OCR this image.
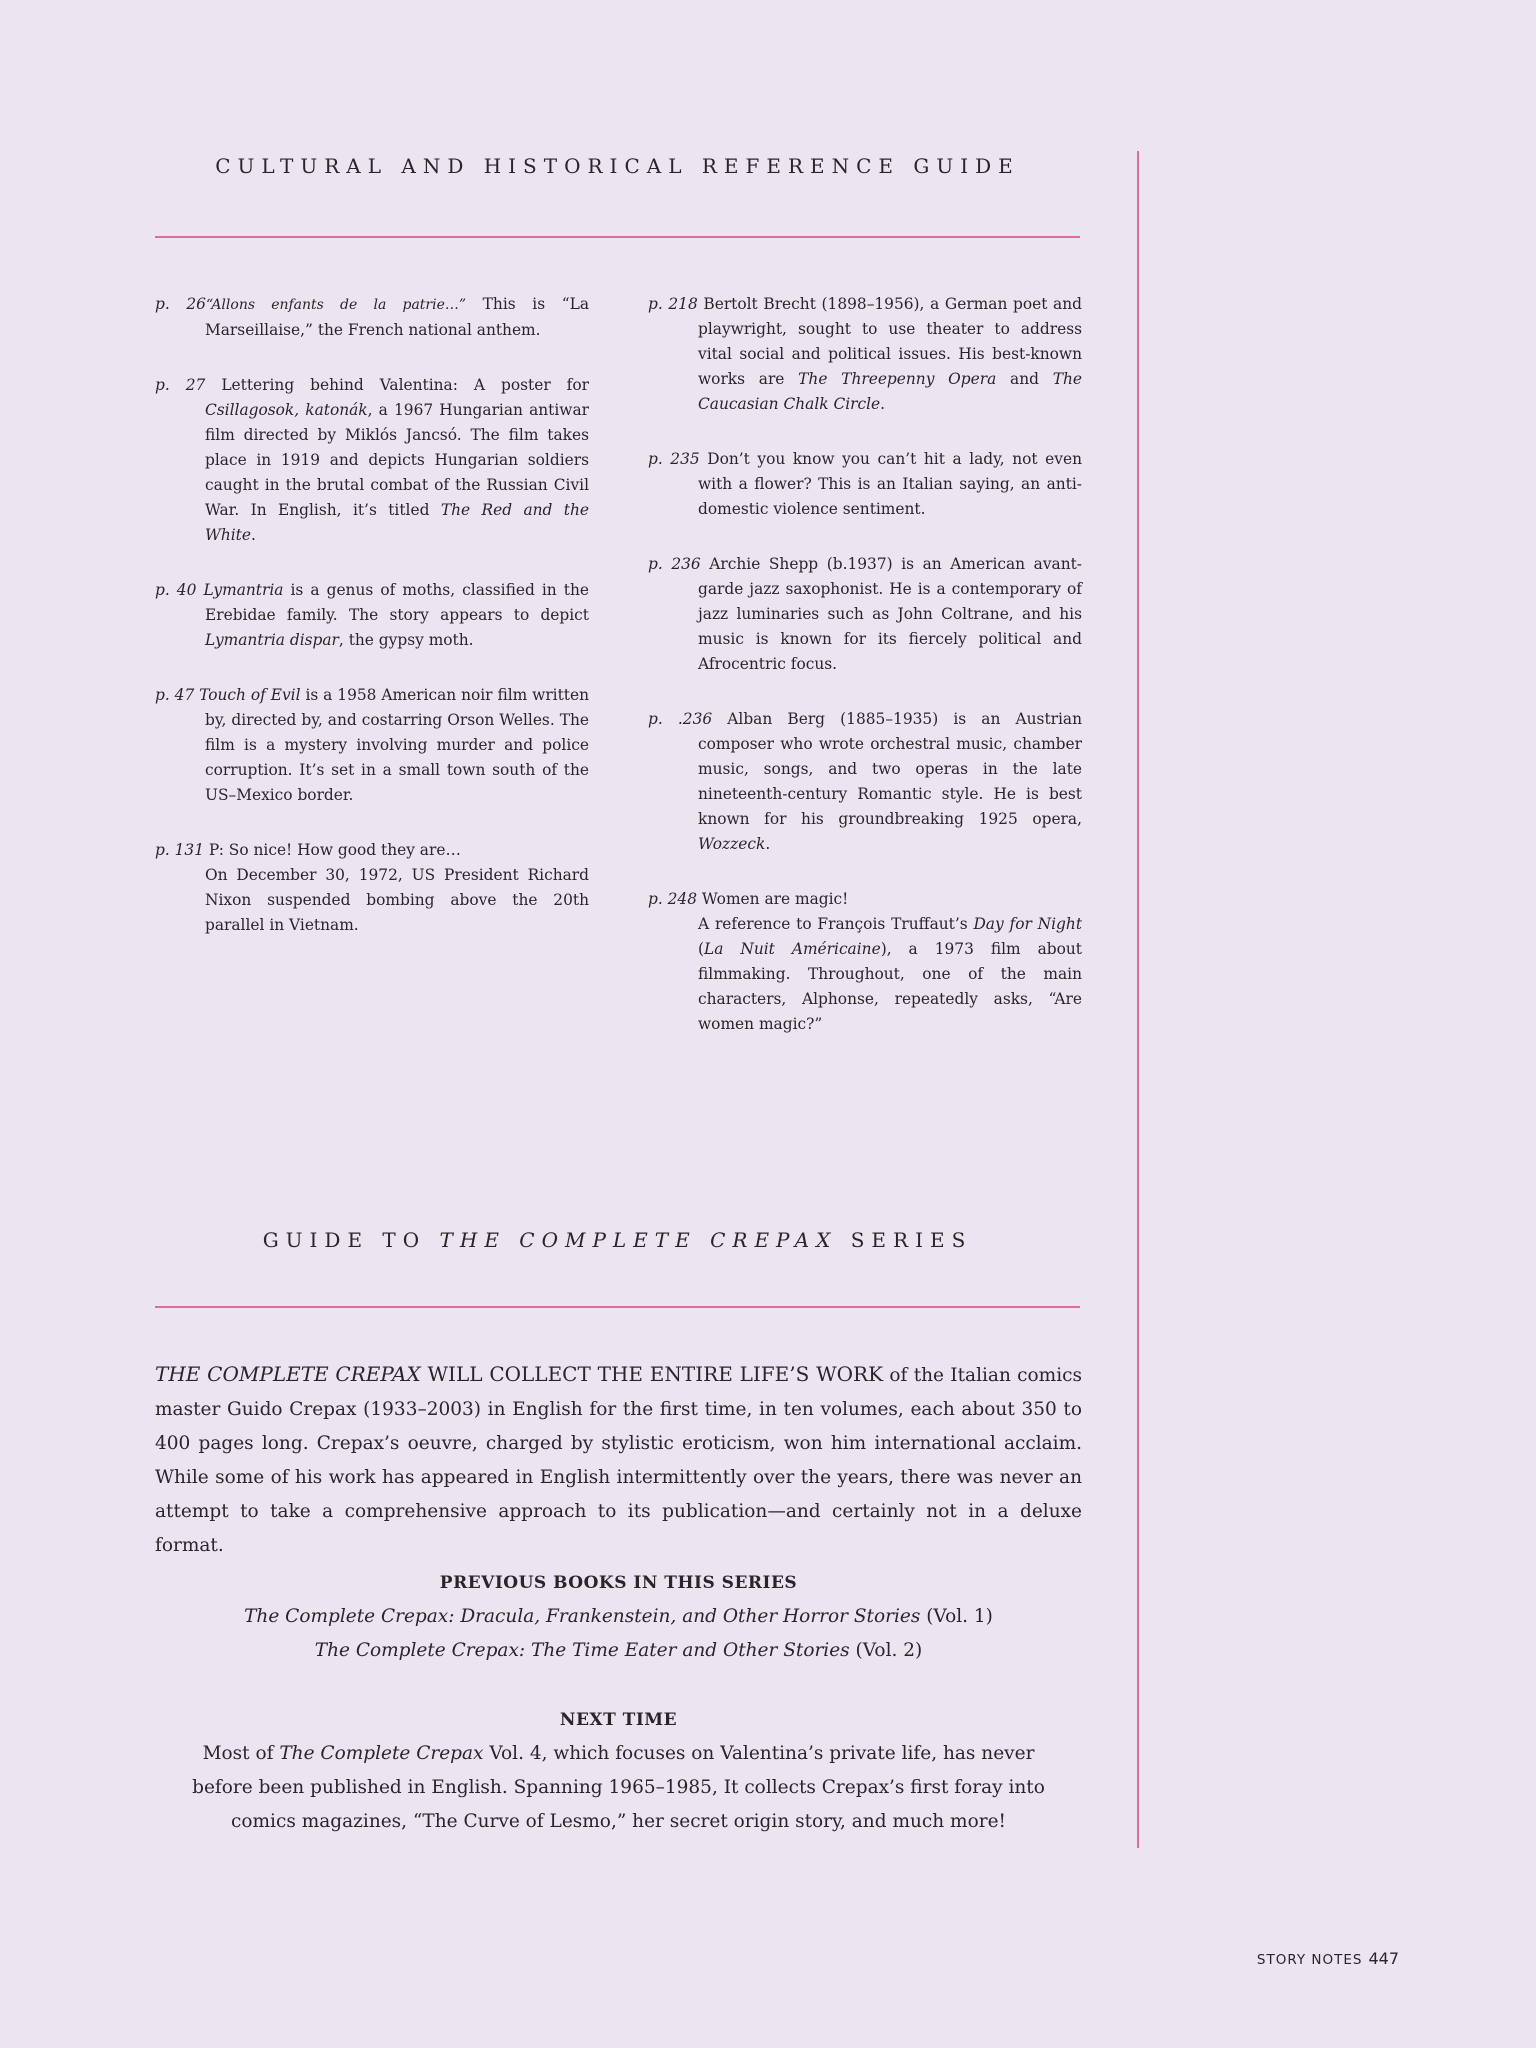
CULTURAL AND HISTORICAL REFERENCE GUIDE

p. 26“Allons enfants de la patrie…” This is “La Marseillaise,” the French national anthem.

p. 27 Lettering behind Valentina: A poster for Csillagosok, katonák, a 1967 Hungarian antiwar film directed by Miklós Jancsó. The film takes place in 1919 and depicts Hungarian soldiers caught in the brutal combat of the Russian Civil War. In English, it’s titled The Red and the White.

p. 40 Lymantria is a genus of moths, classified in the Erebidae family. The story appears to depict Lymantria dispar, the gypsy moth.

p. 47 Touch of Evil is a 1958 American noir film written by, directed by, and costarring Orson Welles. The film is a mystery involving murder and police corruption. It’s set in a small town south of the US–Mexico border.

p. 131 P: So nice! How good they are…
On December 30, 1972, US President Richard Nixon suspended bombing above the 20th parallel in Vietnam.

p. 218 Bertolt Brecht (1898–1956), a German poet and playwright, sought to use theater to address vital social and political issues. His best-known works are The Threepenny Opera and The Caucasian Chalk Circle.

p. 235 Don’t you know you can’t hit a lady, not even with a flower? This is an Italian saying, an anti-domestic violence sentiment.

p. 236 Archie Shepp (b.1937) is an American avant-garde jazz saxophonist. He is a contemporary of jazz luminaries such as John Coltrane, and his music is known for its fiercely political and Afrocentric focus.

p. .236 Alban Berg (1885–1935) is an Austrian composer who wrote orchestral music, chamber music, songs, and two operas in the late nineteenth-century Romantic style. He is best known for his groundbreaking 1925 opera, Wozzeck.

p. 248 Women are magic!
A reference to François Truffaut’s Day for Night (La Nuit Américaine), a 1973 film about filmmaking. Throughout, one of the main characters, Alphonse, repeatedly asks, “Are women magic?”

GUIDE TO THE COMPLETE CREPAX SERIES

THE COMPLETE CREPAX WILL COLLECT THE ENTIRE LIFE’S WORK of the Italian comics master Guido Crepax (1933–2003) in English for the first time, in ten volumes, each about 350 to 400 pages long. Crepax’s oeuvre, charged by stylistic eroticism, won him international acclaim. While some of his work has appeared in English intermittently over the years, there was never an attempt to take a comprehensive approach to its publication—and certainly not in a deluxe format.

PREVIOUS BOOKS IN THIS SERIES
The Complete Crepax: Dracula, Frankenstein, and Other Horror Stories (Vol. 1)
The Complete Crepax: The Time Eater and Other Stories (Vol. 2)
NEXT TIME
Most of The Complete Crepax Vol. 4, which focuses on Valentina’s private life, has never before been published in English. Spanning 1965–1985, It collects Crepax’s first foray into comics magazines, “The Curve of Lesmo,” her secret origin story, and much more!
STORY NOTES 447
